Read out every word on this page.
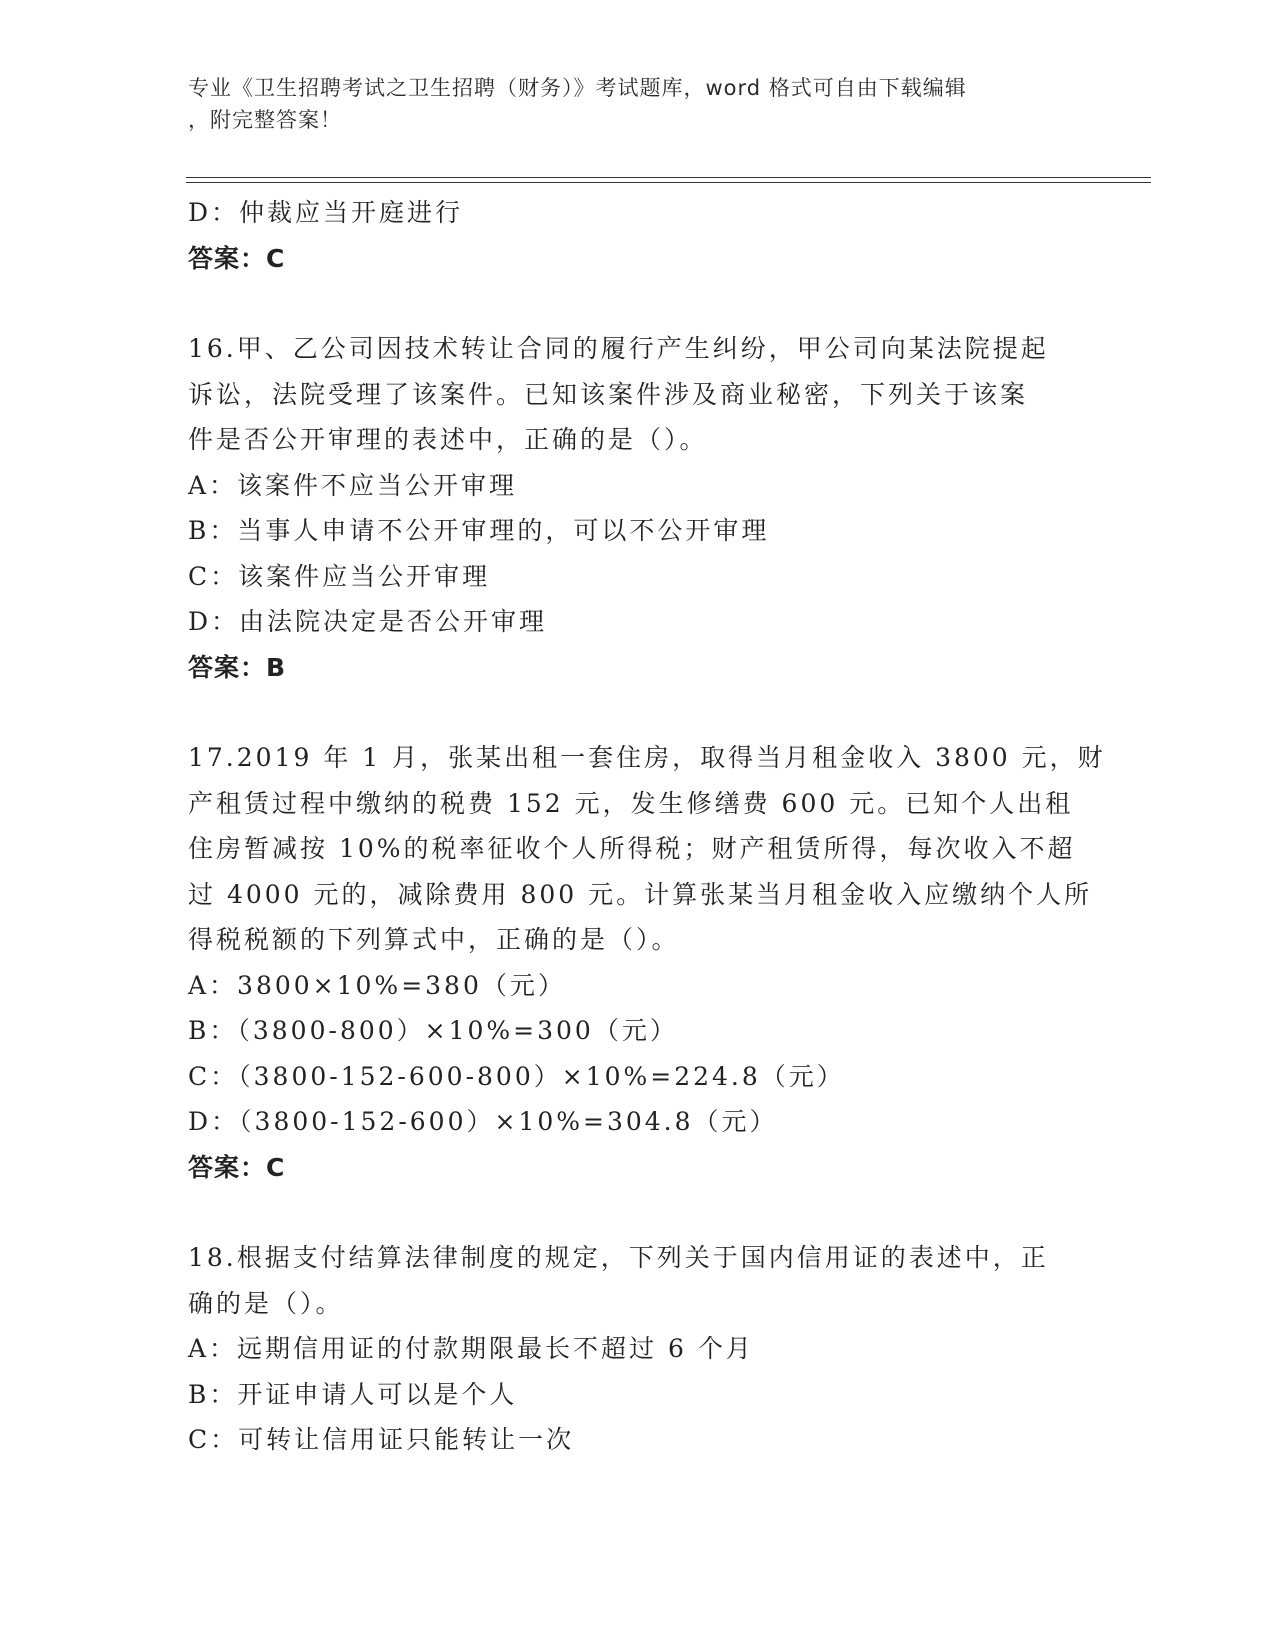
专业《卫生招聘考试之卫生招聘（财务）》考试题库，word 格式可自由下载编辑
，附完整答案！
D：仲裁应当开庭进行
答案：C
16.甲、乙公司因技术转让合同的履行产生纠纷，甲公司向某法院提起
诉讼，法院受理了该案件。已知该案件涉及商业秘密，下列关于该案
件是否公开审理的表述中，正确的是（）。
A：该案件不应当公开审理
B：当事人申请不公开审理的，可以不公开审理
C：该案件应当公开审理
D：由法院决定是否公开审理
答案：B
17.2019 年 1 月，张某出租一套住房，取得当月租金收入 3800 元，财
产租赁过程中缴纳的税费 152 元，发生修缮费 600 元。已知个人出租
住房暂减按 10%的税率征收个人所得税；财产租赁所得，每次收入不超
过 4000 元的，减除费用 800 元。计算张某当月租金收入应缴纳个人所
得税税额的下列算式中，正确的是（）。
A：3800×10%=380（元）
B：（3800-800）×10%=300（元）
C：（3800-152-600-800）×10%=224.8（元）
D：（3800-152-600）×10%=304.8（元）
答案：C
18.根据支付结算法律制度的规定，下列关于国内信用证的表述中，正
确的是（）。
A：远期信用证的付款期限最长不超过 6 个月
B：开证申请人可以是个人
C：可转让信用证只能转让一次
